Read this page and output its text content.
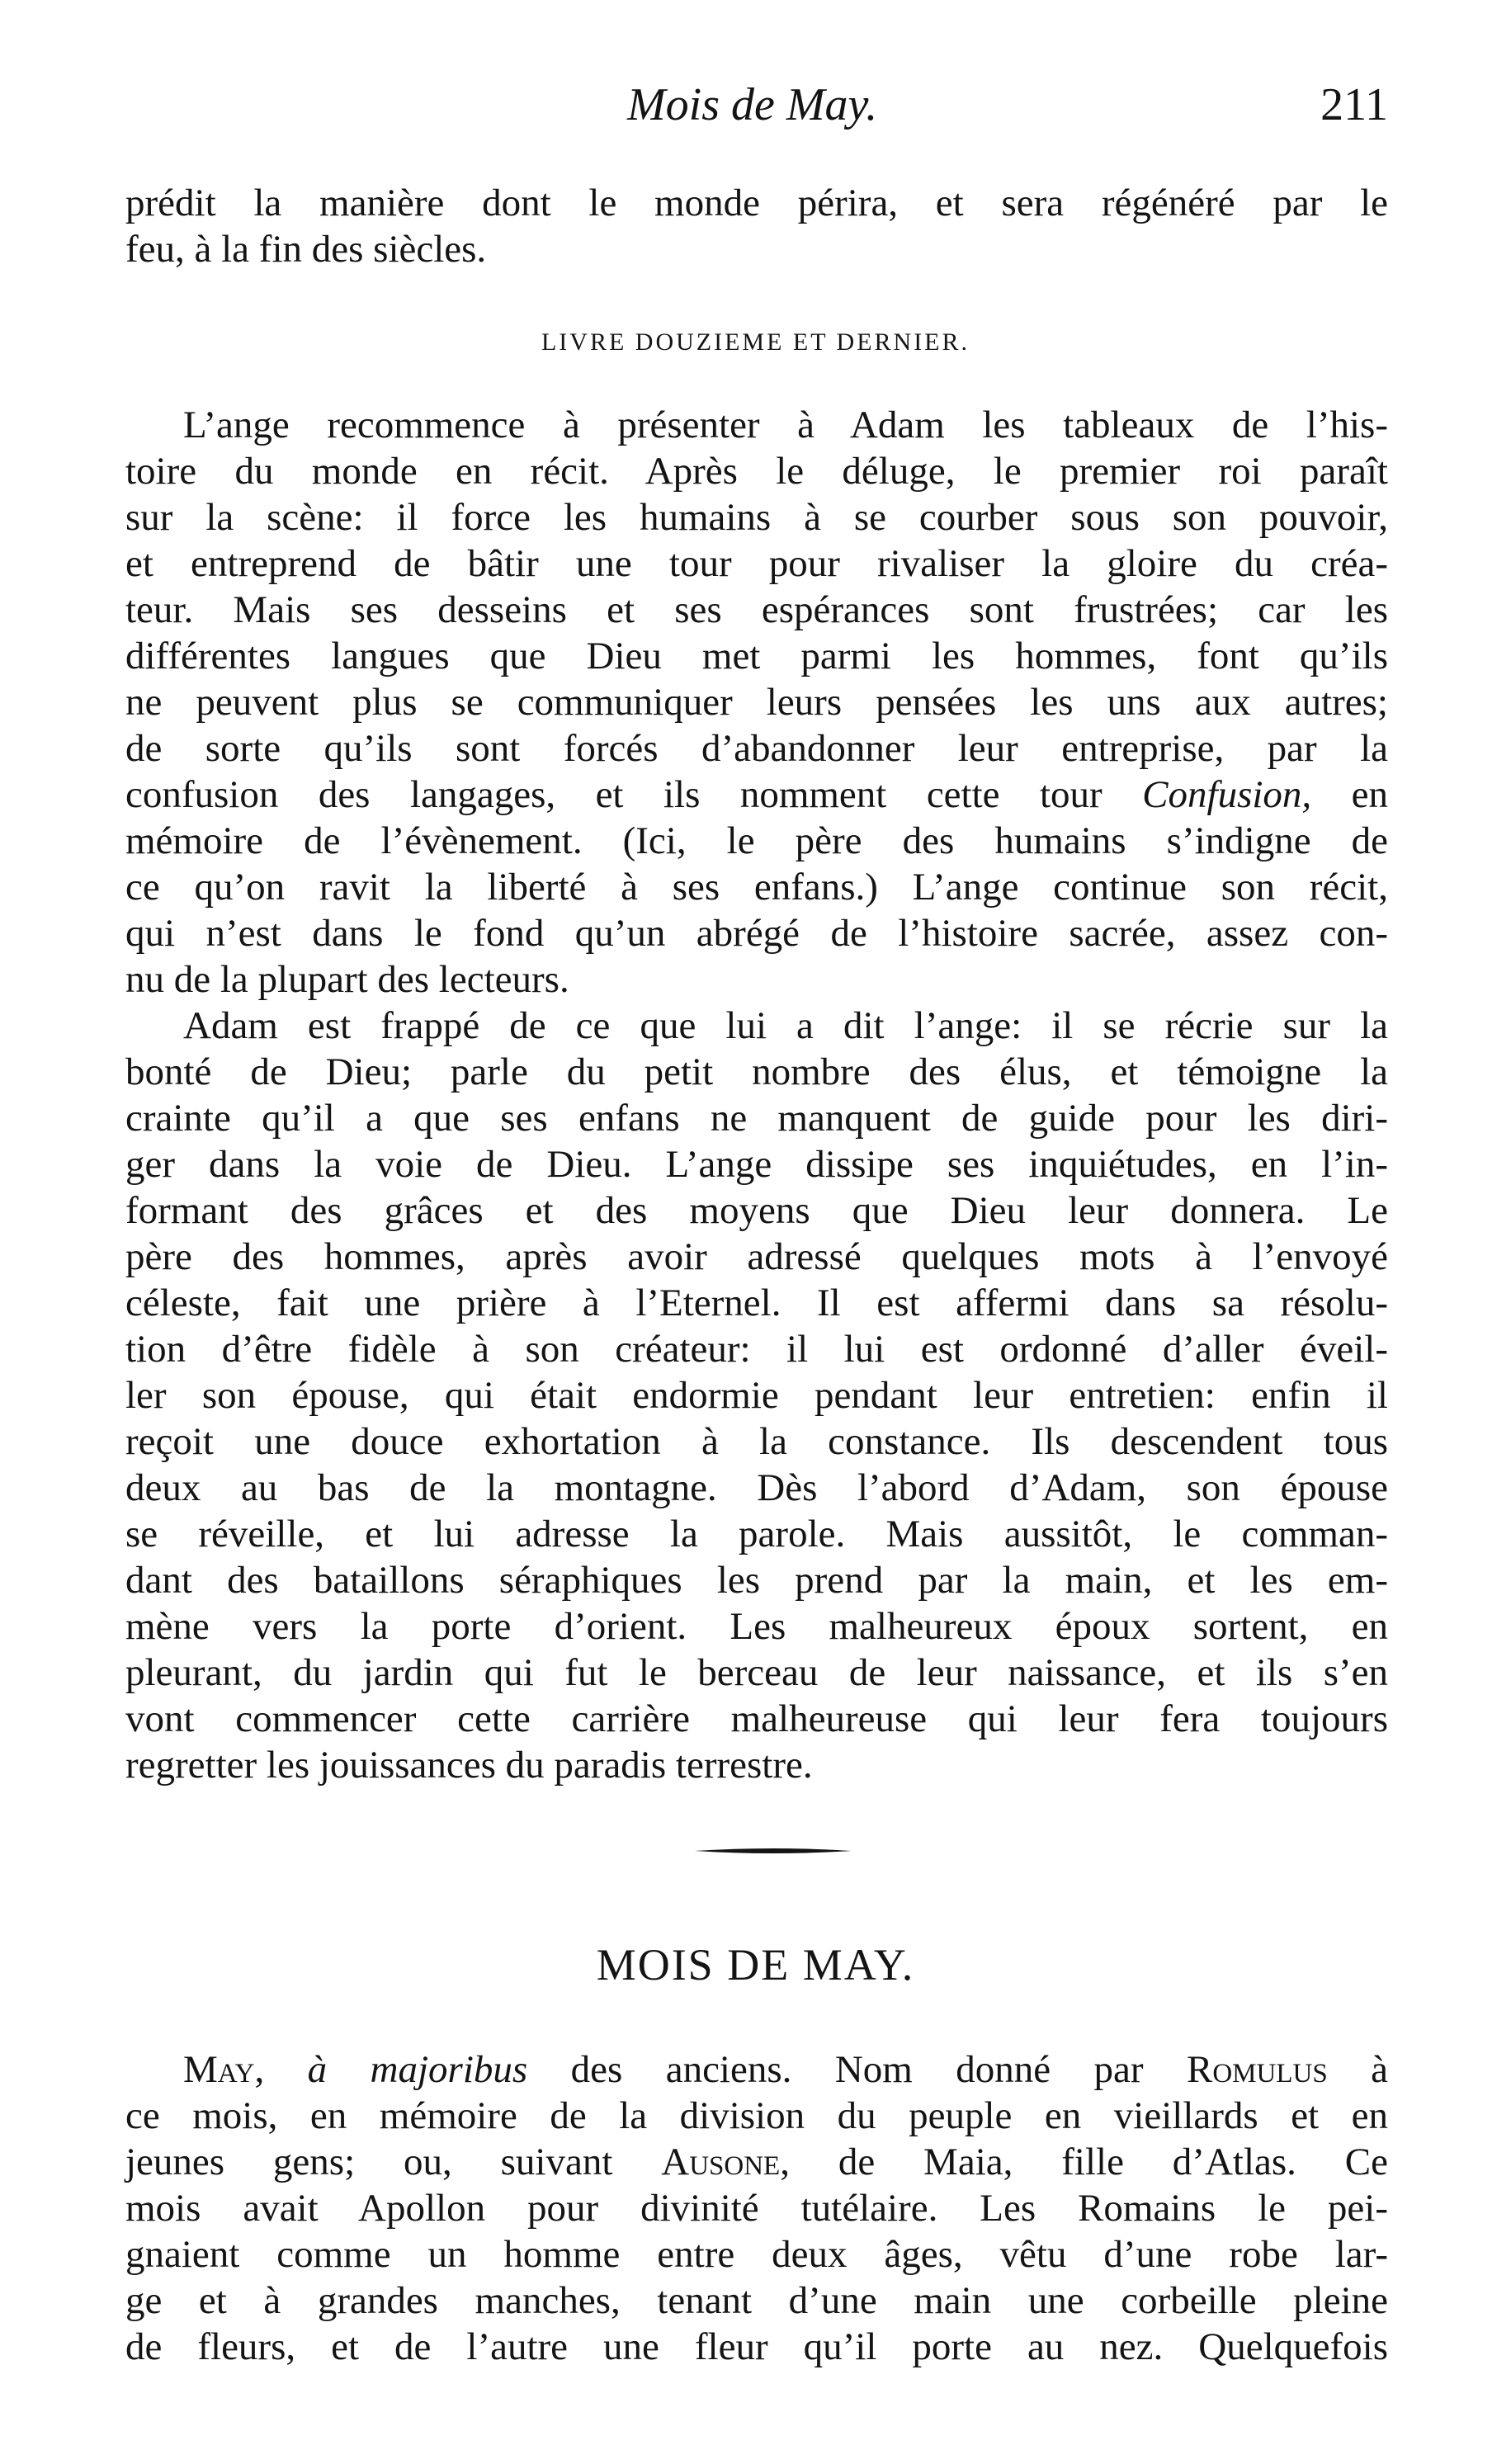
Mois de May.	211
prédit la manière dont le monde périra, et sera régénéré par le
feu, à la fin des siècles.
LIVRE DOUZIEME ET DERNIER.
L’ange recommence à présenter à Adam les tableaux de l’his-
toire du monde en récit. Après le déluge, le premier roi paraît
sur la scène: il force les humains à se courber sous son pouvoir,
et entreprend de bâtir une tour pour rivaliser la gloire du créa-
teur. Mais ses desseins et ses espérances sont frustrées; car les
différentes langues que Dieu met parmi les hommes, font qu’ils
ne peuvent plus se communiquer leurs pensées les uns aux autres;
de sorte qu’ils sont forcés d’abandonner leur entreprise, par la
confusion des langages, et ils nomment cette tour Confusion, en
mémoire de l’évènement. (Ici, le père des humains s’indigne de
ce qu’on ravit la liberté à ses enfans.) L’ange continue son récit,
qui n’est dans le fond qu’un abrégé de l’histoire sacrée, assez con-
nu de la plupart des lecteurs.
Adam est frappé de ce que lui a dit l’ange: il se récrie sur la
bonté de Dieu; parle du petit nombre des élus, et témoigne la
crainte qu’il a que ses enfans ne manquent de guide pour les diri-
ger dans la voie de Dieu. L’ange dissipe ses inquiétudes, en l’in-
formant des grâces et des moyens que Dieu leur donnera. Le
père des hommes, après avoir adressé quelques mots à l’envoyé
céleste, fait une prière à l’Eternel. Il est affermi dans sa résolu-
tion d’être fidèle à son créateur: il lui est ordonné d’aller éveil-
ler son épouse, qui était endormie pendant leur entretien: enfin il
reçoit une douce exhortation à la constance. Ils descendent tous
deux au bas de la montagne. Dès l’abord d’Adam, son épouse
se réveille, et lui adresse la parole. Mais aussitôt, le comman-
dant des bataillons séraphiques les prend par la main, et les em-
mène vers la porte d’orient. Les malheureux époux sortent, en
pleurant, du jardin qui fut le berceau de leur naissance, et ils s’en
vont commencer cette carrière malheureuse qui leur fera toujours
regretter les jouissances du paradis terrestre.
MOIS DE MAY.
May, à majoribus des anciens. Nom donné par Romulus à
ce mois, en mémoire de la division du peuple en vieillards et en
jeunes gens; ou, suivant Ausone, de Maia, fille d’Atlas. Ce
mois avait Apollon pour divinité tutélaire. Les Romains le pei-
gnaient comme un homme entre deux âges, vêtu d’une robe lar-
ge et à grandes manches, tenant d’une main une corbeille pleine
de fleurs, et de l’autre une fleur qu’il porte au nez. Quelquefois
